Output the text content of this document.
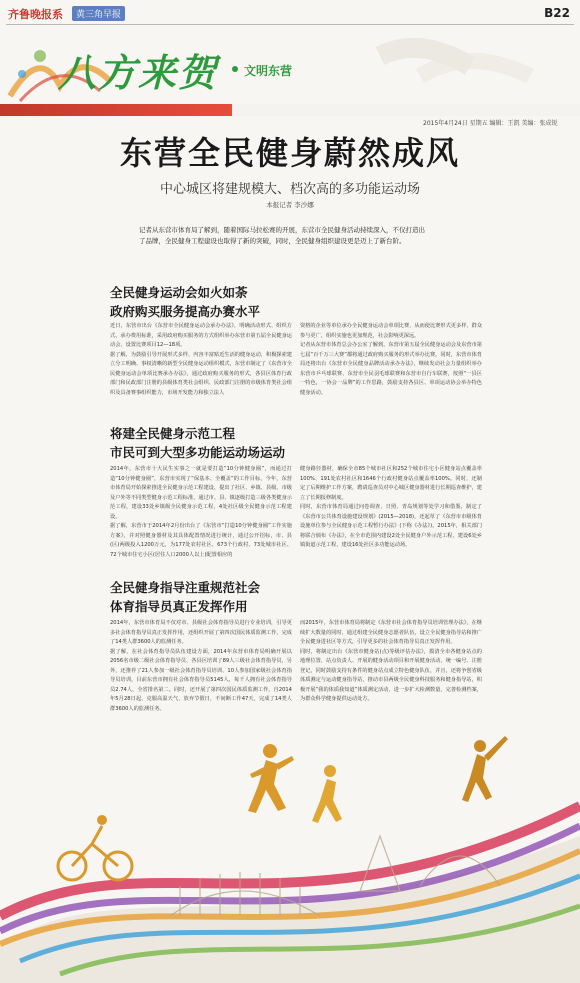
齐鲁晚报系	黄三角早报	B22
八方来贺 文明东营
2015年4月24日 星期五 编辑：王凯 美编：张成锐
东营全民健身蔚然成风
中心城区将建规模大、档次高的多功能运动场
本报记者 李沙娜
记者从东营市体育局了解到，随着国际马拉松赛的开展，东营市全民健身活动持续深入，不仅打造出了品牌，全民健身工程建设也取得了新的突破，同时，全民健身组织建设更是迈上了新台阶。
全民健身运动会如火如荼
政府购买服务提高办赛水平
近日，东营市出台《东营市全民健身运动会承办办法》，明确活动形式、组织方式、承办费用标准，采用政府购买服务的方式组织举办东营市第五届全民健身运动会，设置比赛项目12—18项。
据了解，为鼓励引导开展形式多样、内容丰富贴近生活的健身运动，积极探索建立分工明确、事权清晰的新型全民健身运动组织模式，东营市制定了《东营市全民健身运动会单项比赛承办办法》，通过政府购买服务的形式，各县区体育行政部门和民政部门注册的县级体育类社会组织、民政部门注册的市级体育类社会组织及具备赛事组织能力，市场开发能力和独立法人
资格的企业等单位承办全民健身运动会单项比赛，从而使比赛形式更多样、群众参与更广，组织实施也更加规范，社会影响更深远。
记者从东营市体育总会办公室了解到，东营市第五届全民健身运动会及东营市第七届“百千万三大赛”都将通过政府购买服务的形式举办比赛。同时，东营市体育局还将出台《东营市全民健身品牌活动承办办法》，继续发动社会力量组织举办东营市乒乓球联赛、东营市全民羽毛球联赛和东营市自行车联赛，按照“一县区一特色，一协会一品牌”的工作思路，鼓励支持各县区、单项运动协会举办特色健身活动。
将建全民健身示范工程
市民可到大型多功能运动场运动
2014年，东营市十大民生实事之一就是要打造“10分钟健身圈”，而通过打造“10分钟健身圈”，东营市实现了“保基本、全覆盖”的工作目标，今年，东营市体育局开始探索推进全民健身示范工程建设，提出了社区、乡镇、县级、市级及户外等不同类型健身示范工程标准，通过市、县、镇逐级打造三级各类健身示范工程，建设33处乡镇级全民健身示范工程，4处社区级全民健身示范工程建设。
据了解，东营市于2014年2月份出台了《东营市“打造10分钟健身圈”工作实施方案》，并对照健身器材及其具体配置情况进行统计，通过公开招标，市、县(区)两级投入1200万元，为177处农村社区、673个行政村、73处城市社区、72个城市住宅小区(居住人口2000人以上)配置相应的
健身路径器材，确保全市85个城市社区和252个城市住宅小区健身站点覆盖率100%、191处农村社区和1646个行政村健身站点覆盖率100%。同时，还制定了后期维护工作方案，聘请巡查员对中心城区健身器材进行长期巡查维护，建立了长期报修制度。
同时，东营市体育局通过问卷调查、日照、青岛规划等处学习和借鉴，制定了《东营市公共体育设施建设规划》(2015—2018)，还起草了《东营市市级体育设施单位参与全民健身示范工程暂行办法》(下称《办法》)。2015年，相关部门将联合颁布《办法》，在全市范围内建设2处全民健身户外示范工程，建设6处乡镇街道示范工程，建设16处社区多功能运动场。
全民健身指导注重规范社会
体育指导员真正发挥作用
2014年，东营市体育局不仅对市、县级社会体育指导员进行专业培训，引导更多社会体育指导员真正发挥作用，还组织开展了第四次国民体质监测工作，完成了14类人群3600人的监测任务。
据了解，在社会体育指导员队伍建设方面，2014年东营市体育局明确开展以2056名市级二级社会体育指导员、各县区培训了89人三级社会体育指导员，另外，还推荐了21人参加一级社会体育指导员培训、10人参加国家级社会体育指导员培训，目前东营市拥有社会体育指导员5145人，每千人拥有社会体育指导员2.74人，全省排名第二。同时，还开展了第四次国民体质监测工作，自2014年5月28日起，克服高温天气、放弃节假日，不间断工作47天，完成了14类人群3600人的监测任务。
而2015年，东营市体育局将制定《东营市社会体育指导员培训管理办法》，在继续扩大数量的同时，通过组建全民健身志愿者队伍，设立全民健身指导站和推广全民健身进社区等方式，引导更多的社会体育指导员真正发挥作用。
同时，将制定出台《东营市健身站(点)等级评估办法》，摸清全市各健身站点的地理位置、站点负责人、开展的健身活动项目和开展健身活动，统一编号、注册登记，同时鼓励支持有条件的健身站点成立特色健身队伍，并且，还将争创省级体质测定与运动健身指导站，推动市县两级全民健身科技服务和健身指导站，积极开展“我的体质我知道”体质测定活动，进一步扩大检测数量，完善检测档案，为群众科学健身提供运动处方。
